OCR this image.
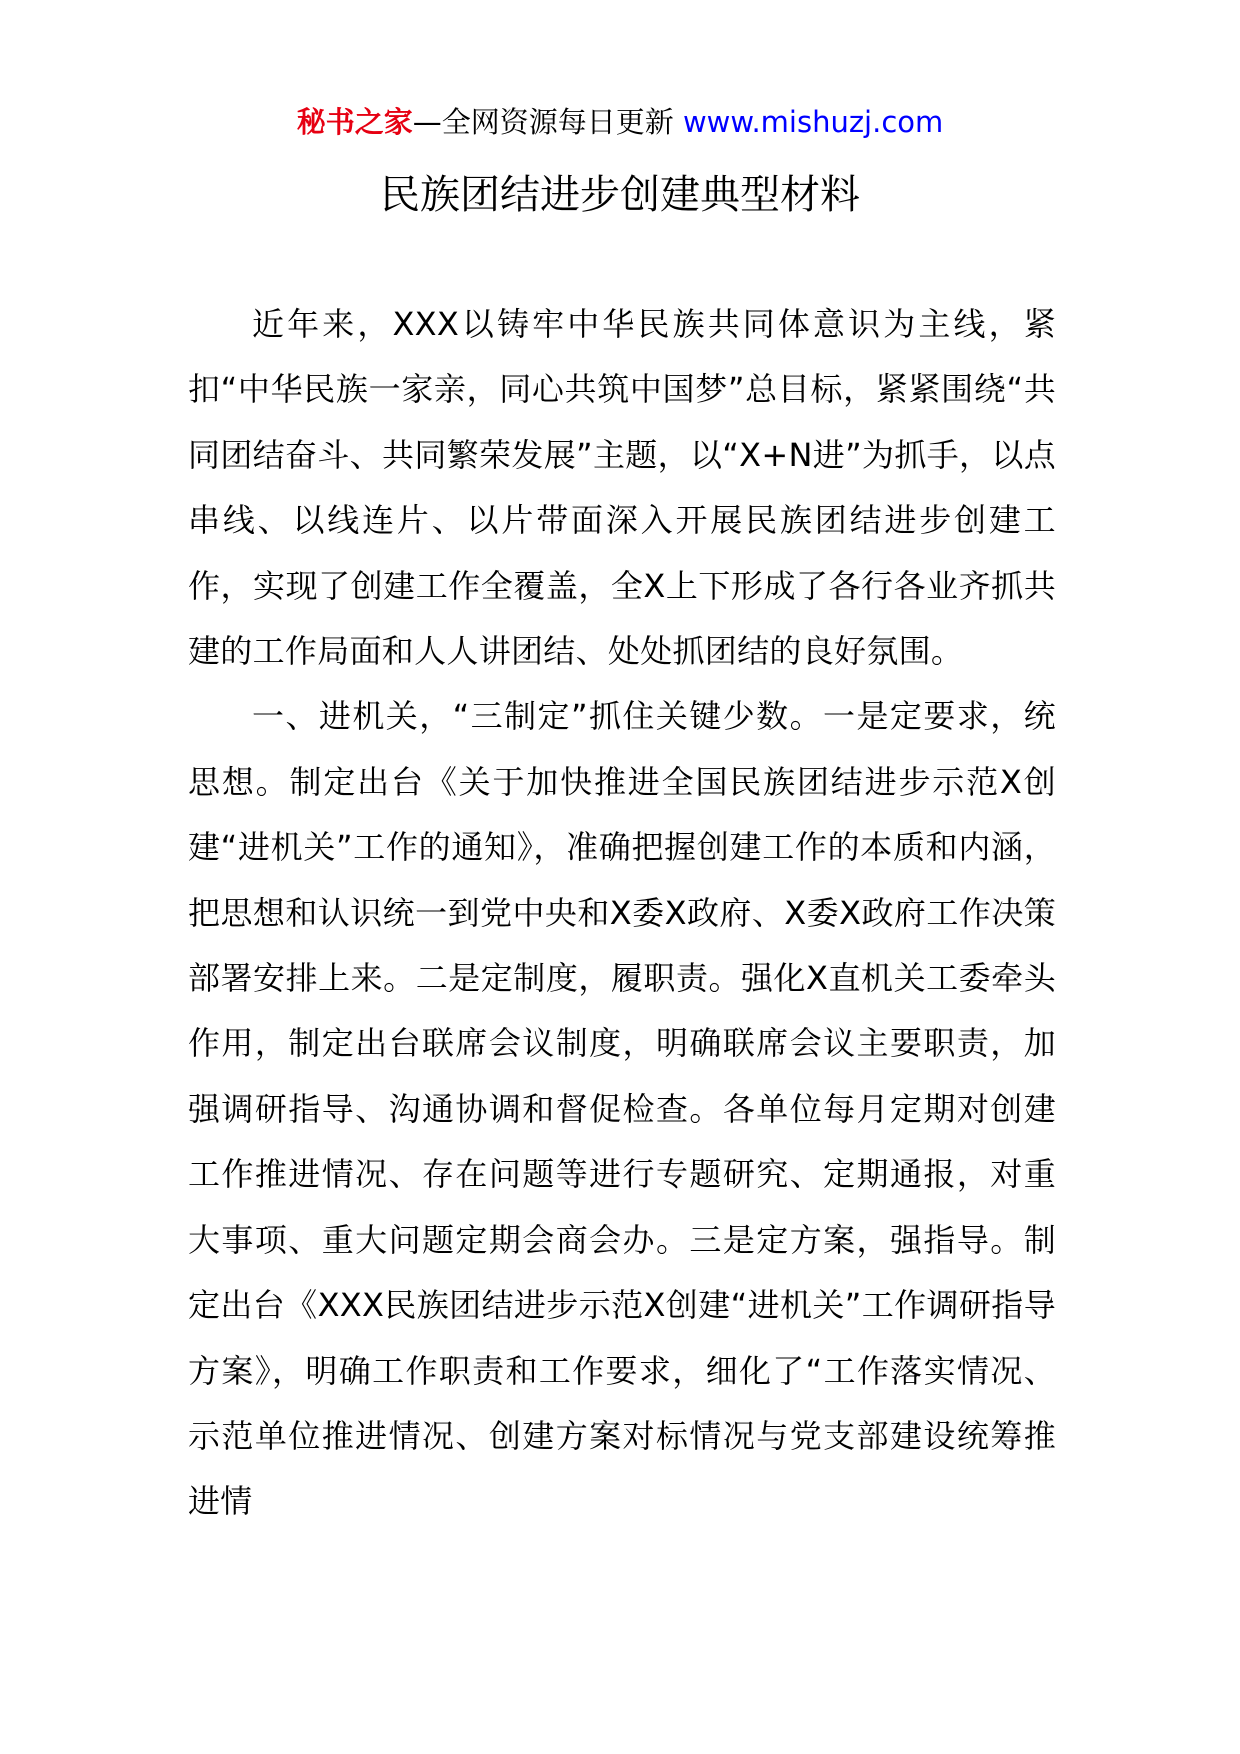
秘书之家—全网资源每日更新 www.mishuzj.com
民族团结进步创建典型材料

近年来，XXX以铸牢中华民族共同体意识为主线，紧扣“中华民族一家亲，同心共筑中国梦”总目标，紧紧围绕“共同团结奋斗、共同繁荣发展”主题，以“X+N进”为抓手，以点串线、以线连片、以片带面深入开展民族团结进步创建工作，实现了创建工作全覆盖，全X上下形成了各行各业齐抓共建的工作局面和人人讲团结、处处抓团结的良好氛围。

一、进机关，“三制定”抓住关键少数。一是定要求，统思想。制定出台《关于加快推进全国民族团结进步示范X创建“进机关”工作的通知》，准确把握创建工作的本质和内涵，把思想和认识统一到党中央和X委X政府、X委X政府工作决策部署安排上来。二是定制度，履职责。强化X直机关工委牵头作用，制定出台联席会议制度，明确联席会议主要职责，加强调研指导、沟通协调和督促检查。各单位每月定期对创建工作推进情况、存在问题等进行专题研究、定期通报，对重大事项、重大问题定期会商会办。三是定方案，强指导。制定出台《XXX民族团结进步示范X创建“进机关”工作调研指导方案》，明确工作职责和工作要求，细化了“工作落实情况、示范单位推进情况、创建方案对标情况与党支部建设统筹推进情
